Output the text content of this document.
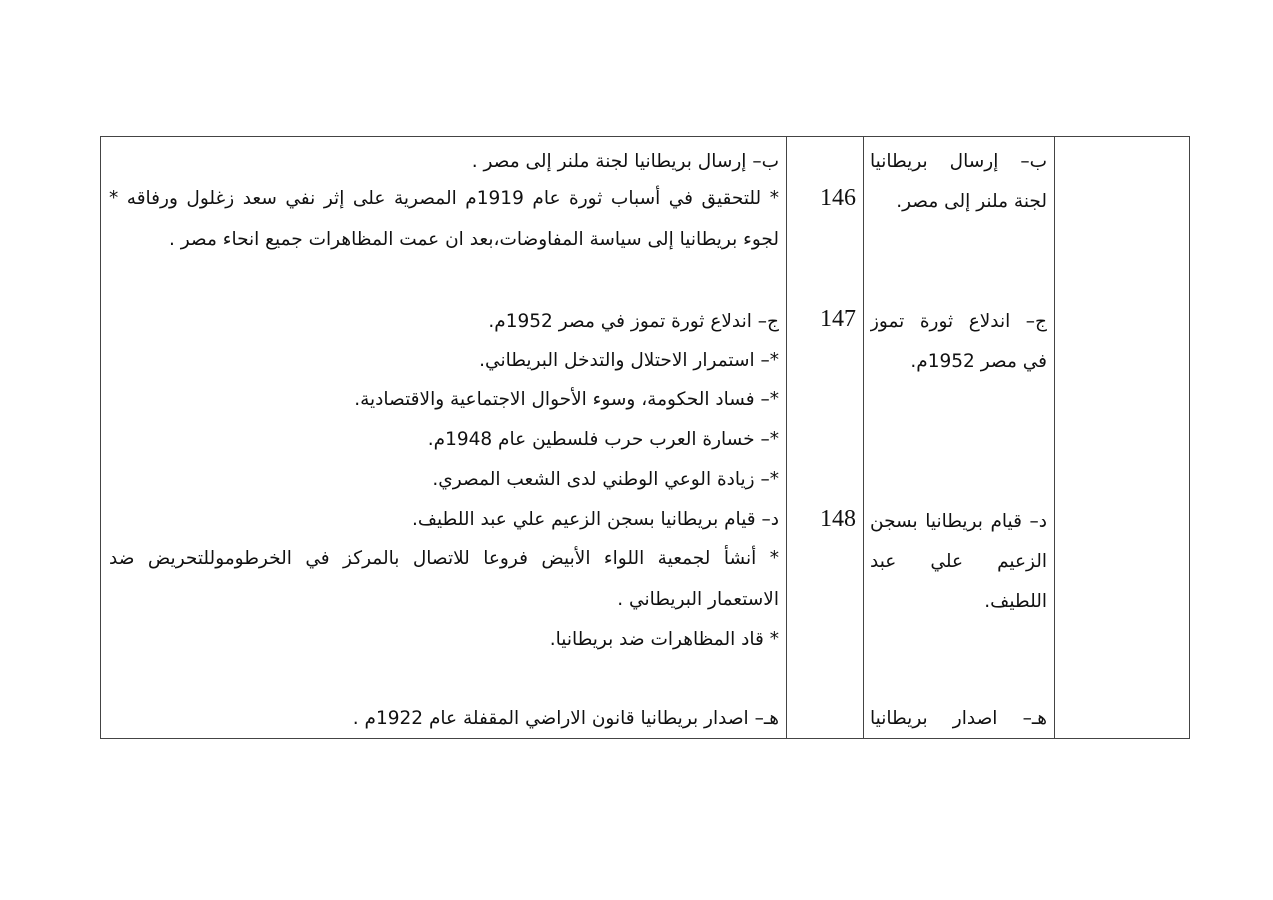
ب– إرسال بريطانيا
لجنة ملنر إلى مصر.
ج– اندلاع ثورة تموز
في مصر 1952م.
د– قيام بريطانيا بسجن
الزعيم علي عبد
اللطيف.
هـ– اصدار بريطانيا
146
147
148
ب– إرسال بريطانيا لجنة ملنر إلى مصر .
* للتحقيق في أسباب ثورة عام 1919م المصرية على إثر نفي سعد زغلول ورفاقه *
لجوء بريطانيا إلى سياسة المفاوضات،بعد ان عمت المظاهرات جميع انحاء مصر .
ج– اندلاع ثورة تموز في مصر 1952م.
*– استمرار الاحتلال والتدخل البريطاني.
*– فساد الحكومة، وسوء الأحوال الاجتماعية والاقتصادية.
*– خسارة العرب حرب فلسطين عام 1948م.
*– زيادة الوعي الوطني لدى الشعب المصري.
د– قيام بريطانيا بسجن الزعيم علي عبد اللطيف.
* أنشأ لجمعية اللواء الأبيض فروعا للاتصال بالمركز في الخرطوموللتحريض ضد
الاستعمار البريطاني .
* قاد المظاهرات ضد بريطانيا.
هـ– اصدار بريطانيا قانون الاراضي المقفلة عام 1922م .
